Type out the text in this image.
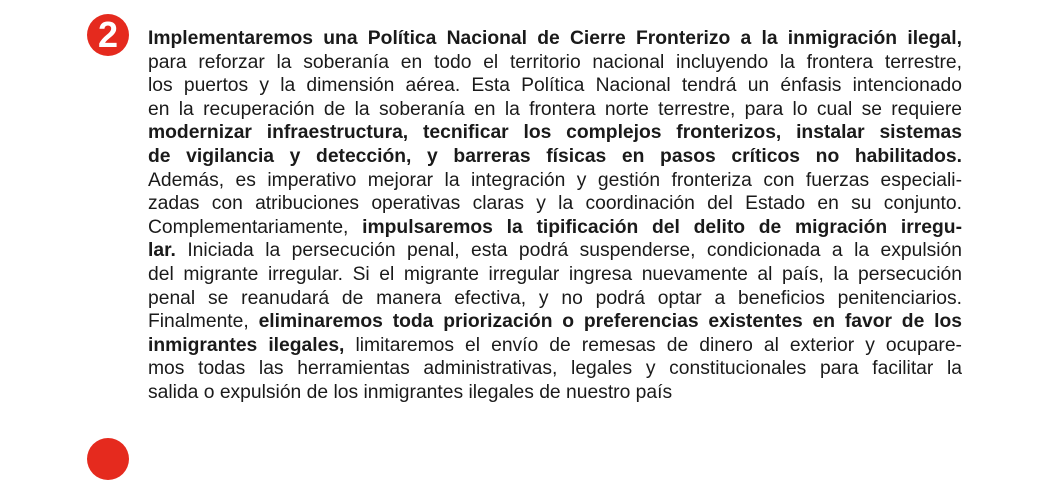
2	Implementaremos una Política Nacional de Cierre Fronterizo a la inmigración ilegal,
para reforzar la soberanía en todo el territorio nacional incluyendo la frontera terrestre,
los puertos y la dimensión aérea. Esta Política Nacional tendrá un énfasis intencionado
en la recuperación de la soberanía en la frontera norte terrestre, para lo cual se requiere
modernizar infraestructura, tecnificar los complejos fronterizos, instalar sistemas
de vigilancia y detección, y barreras físicas en pasos críticos no habilitados.
Además, es imperativo mejorar la integración y gestión fronteriza con fuerzas especiali-
zadas con atribuciones operativas claras y la coordinación del Estado en su conjunto.
Complementariamente, impulsaremos la tipificación del delito de migración irregu-
lar. Iniciada la persecución penal, esta podrá suspenderse, condicionada a la expulsión
del migrante irregular. Si el migrante irregular ingresa nuevamente al país, la persecución
penal se reanudará de manera efectiva, y no podrá optar a beneficios penitenciarios.
Finalmente, eliminaremos toda priorización o preferencias existentes en favor de los
inmigrantes ilegales, limitaremos el envío de remesas de dinero al exterior y ocupare-
mos todas las herramientas administrativas, legales y constitucionales para facilitar la
salida o expulsión de los inmigrantes ilegales de nuestro país
